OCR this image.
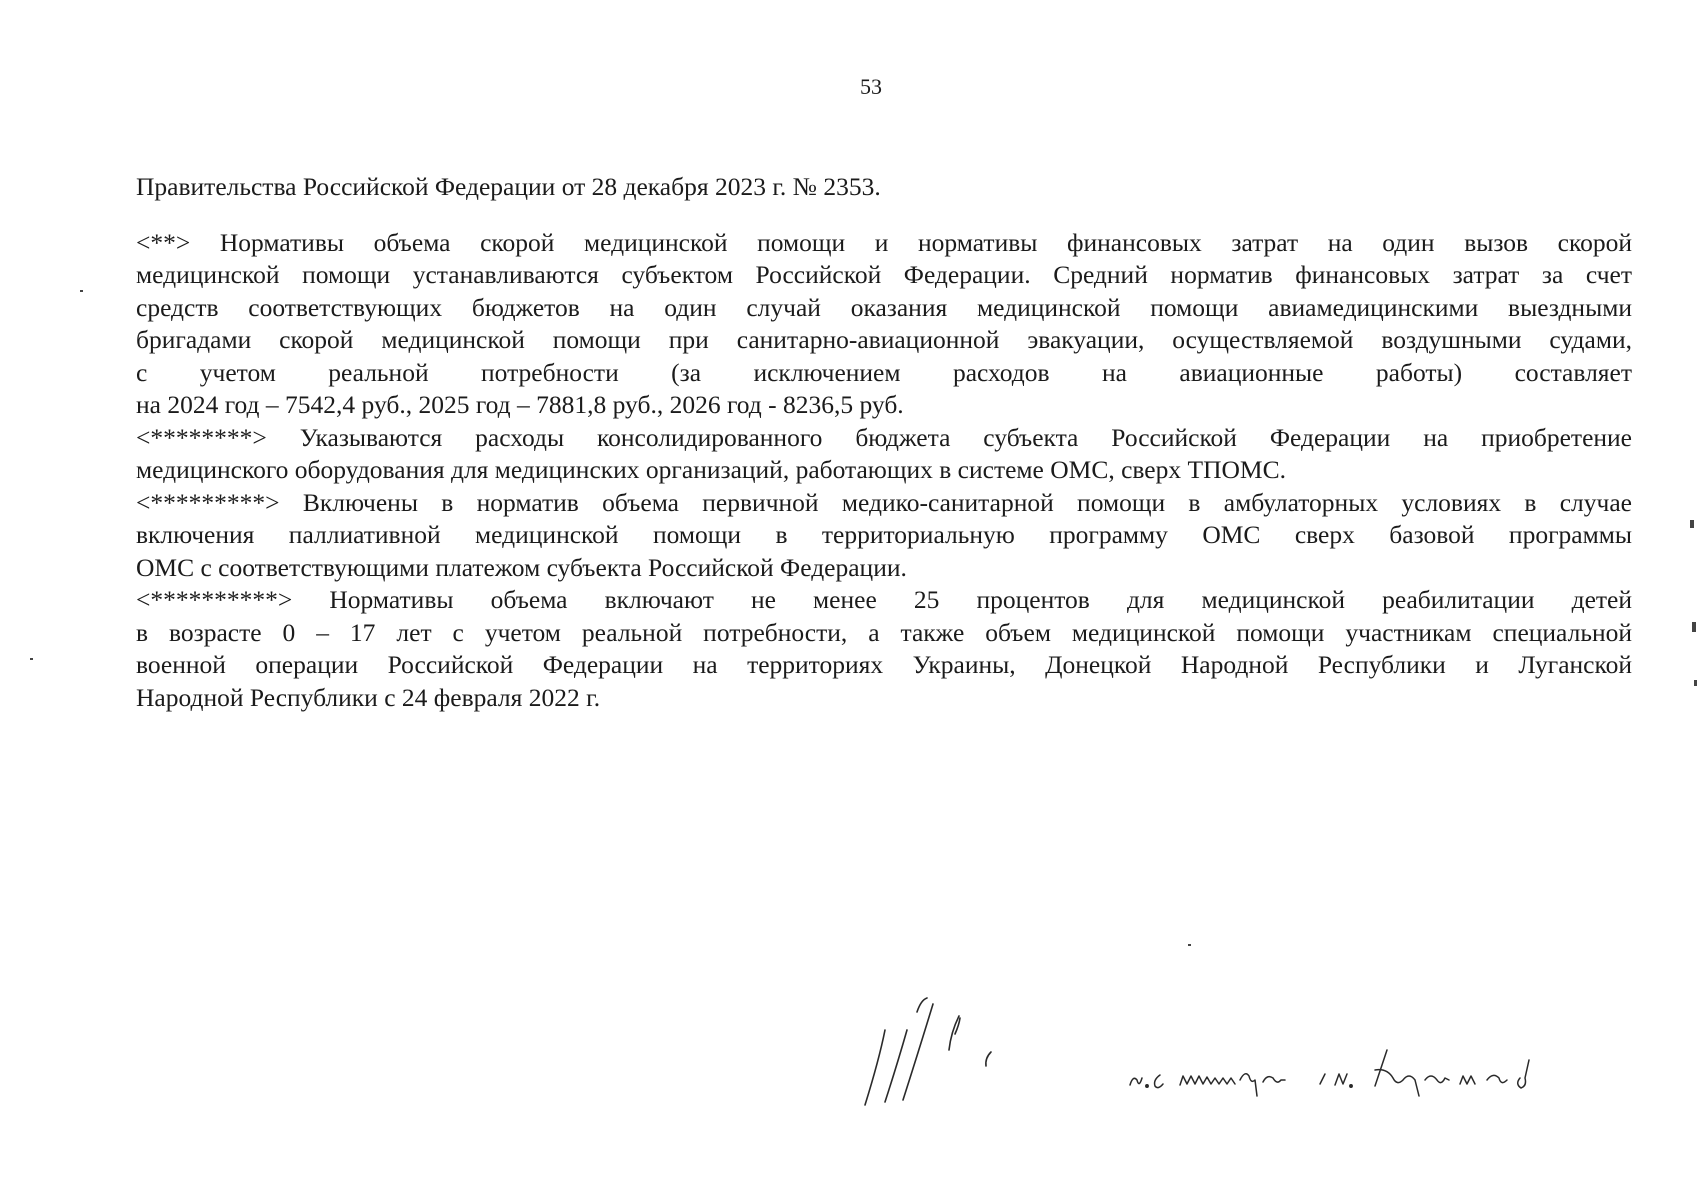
53

Правительства Российской Федерации от 28 декабря 2023 г. № 2353.

<**> Нормативы объема скорой медицинской помощи и нормативы финансовых затрат на один вызов скорой
медицинской помощи устанавливаются субъектом Российской Федерации. Средний норматив финансовых затрат за счет
средств соответствующих бюджетов на один случай оказания медицинской помощи авиамедицинскими выездными
бригадами скорой медицинской помощи при санитарно-авиационной эвакуации, осуществляемой воздушными судами,
с учетом реальной потребности (за исключением расходов на авиационные работы) составляет
на 2024 год – 7542,4 руб., 2025 год – 7881,8 руб., 2026 год - 8236,5 руб.
<********> Указываются расходы консолидированного бюджета субъекта Российской Федерации на приобретение
медицинского оборудования для медицинских организаций, работающих в системе ОМС, сверх ТПОМС.
<*********> Включены в норматив объема первичной медико-санитарной помощи в амбулаторных условиях в случае
включения паллиативной медицинской помощи в территориальную программу ОМС сверх базовой программы
ОМС с соответствующими платежом субъекта Российской Федерации.
<**********> Нормативы объема включают не менее 25 процентов для медицинской реабилитации детей
в возрасте 0 – 17 лет с учетом реальной потребности, а также объем медицинской помощи участникам специальной
военной операции Российской Федерации на территориях Украины, Донецкой Народной Республики и Луганской
Народной Республики с 24 февраля 2022 г.
